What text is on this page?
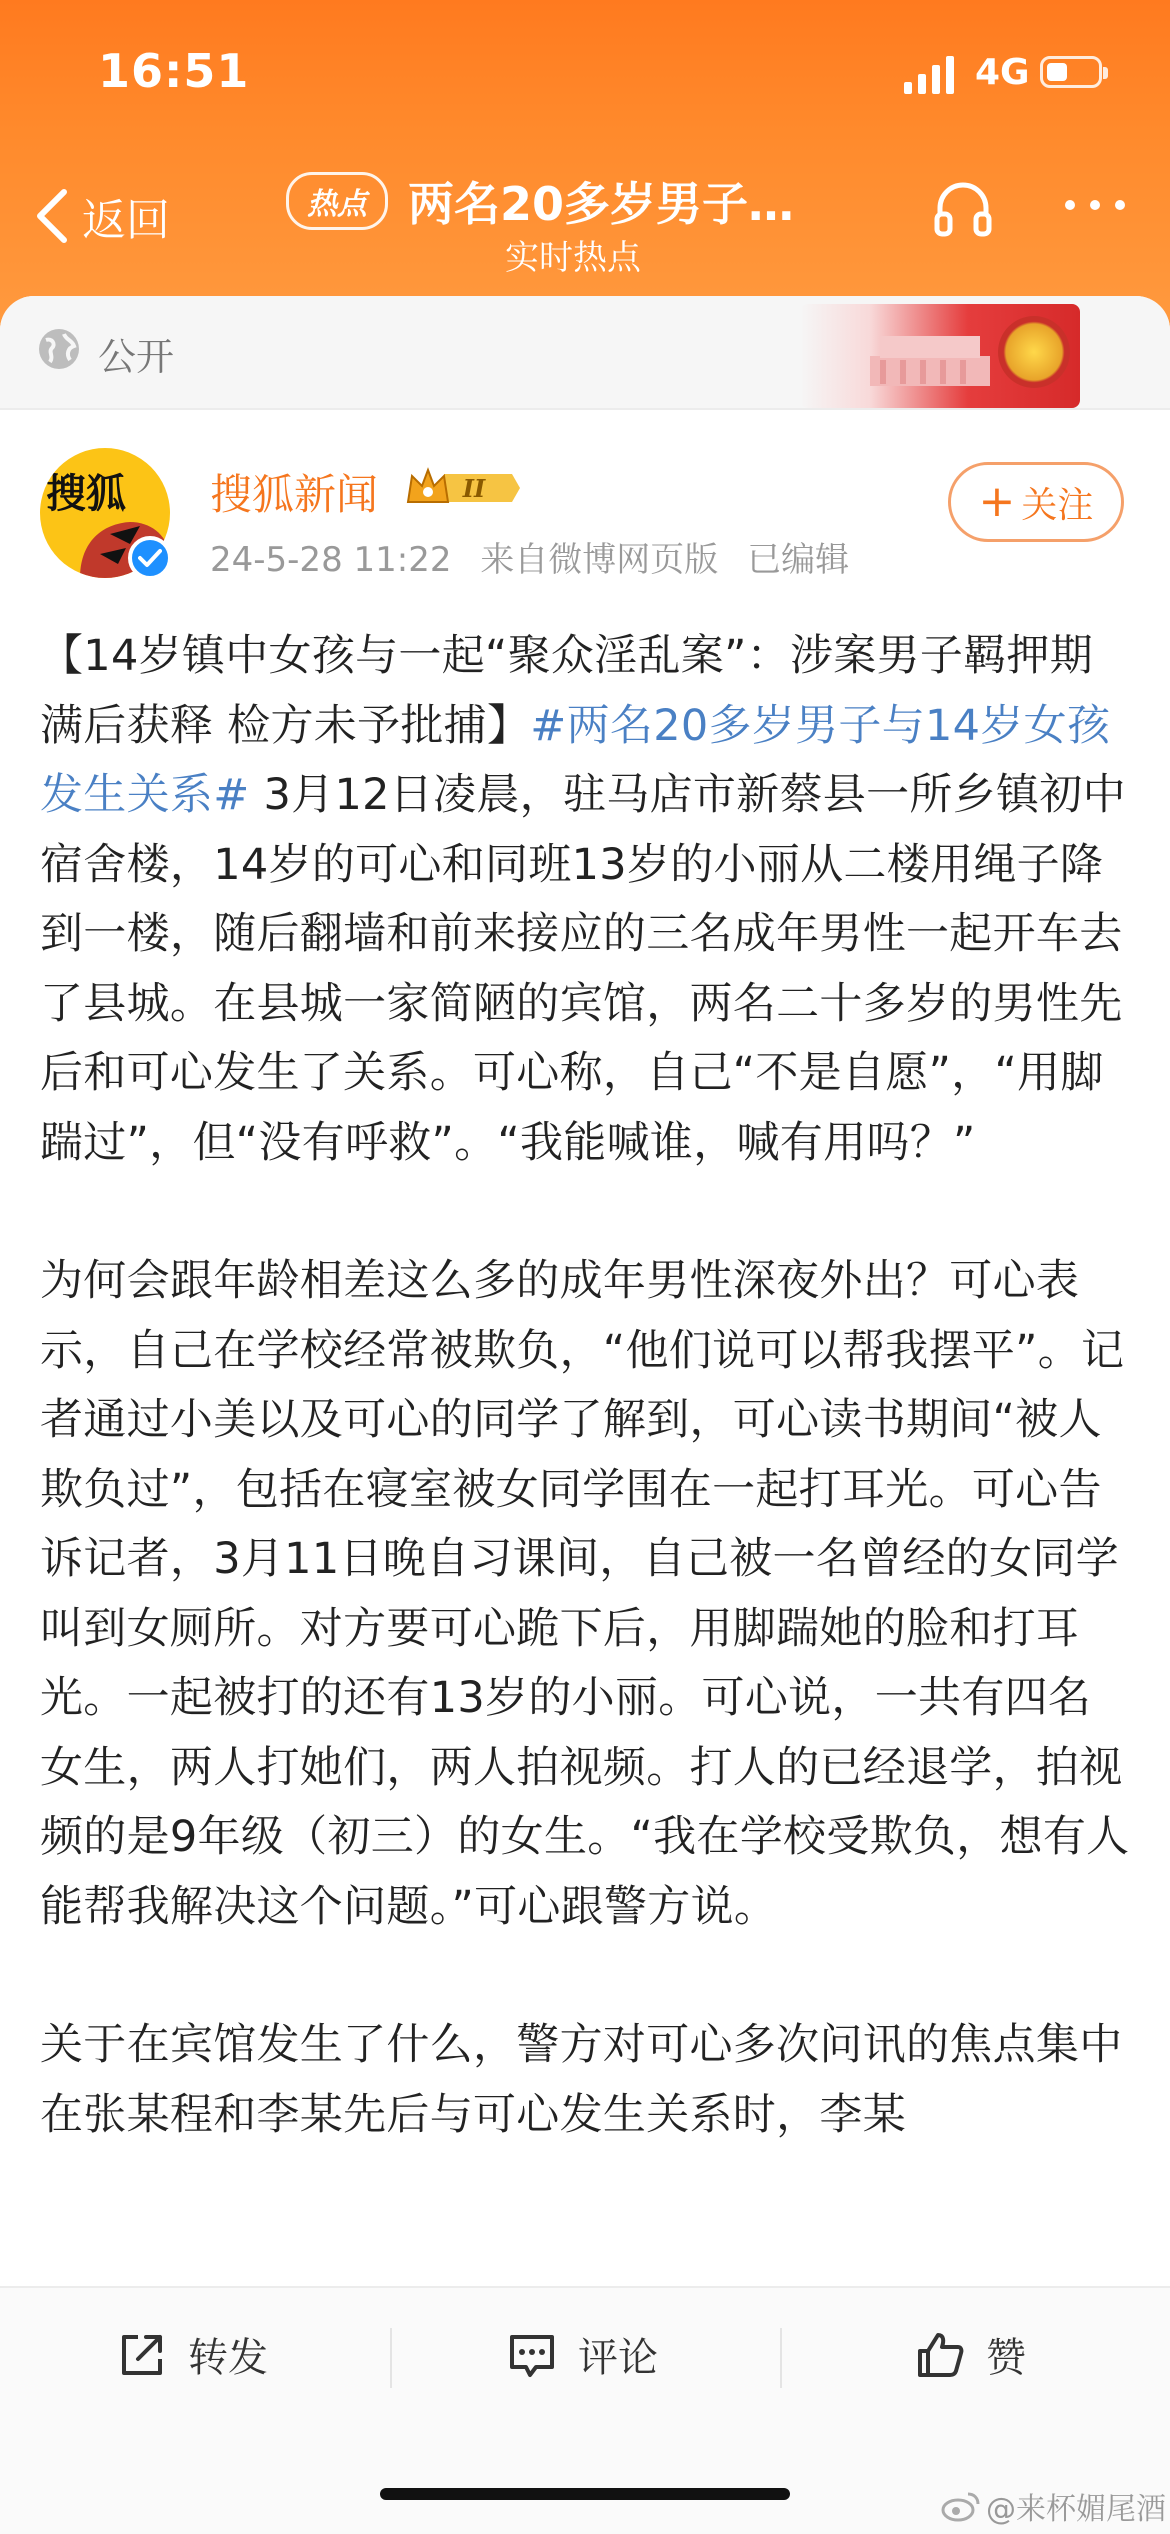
16:51	4G
返回	热点 两名20多岁男子…
实时热点
公开
搜狐 搜狐新闻	II
24-5-28 11:22 来自微博网页版 已编辑
+ 关注

【14岁镇中女孩与一起“聚众淫乱案”：涉案男子羁押期满后获释 检方未予批捕】#两名20多岁男子与14岁女孩发生关系# 3月12日凌晨，驻马店市新蔡县一所乡镇初中宿舍楼，14岁的可心和同班13岁的小丽从二楼用绳子降到一楼，随后翻墙和前来接应的三名成年男性一起开车去了县城。在县城一家简陋的宾馆，两名二十多岁的男性先后和可心发生了关系。可心称，自己“不是自愿”，“用脚踹过”，但“没有呼救”。“我能喊谁，喊有用吗？”

为何会跟年龄相差这么多的成年男性深夜外出？可心表示，自己在学校经常被欺负，“他们说可以帮我摆平”。记者通过小美以及可心的同学了解到，可心读书期间“被人欺负过”，包括在寝室被女同学围在一起打耳光。可心告诉记者，3月11日晚自习课间，自己被一名曾经的女同学叫到女厕所。对方要可心跪下后，用脚踹她的脸和打耳光。一起被打的还有13岁的小丽。可心说，一共有四名女生，两人打她们，两人拍视频。打人的已经退学，拍视频的是9年级（初三）的女生。“我在学校受欺负，想有人能帮我解决这个问题。”可心跟警方说。

关于在宾馆发生了什么，警方对可心多次问讯的焦点集中在张某程和李某先后与可心发生关系时，李某

转发	评论	赞
@来杯媚尾酒
